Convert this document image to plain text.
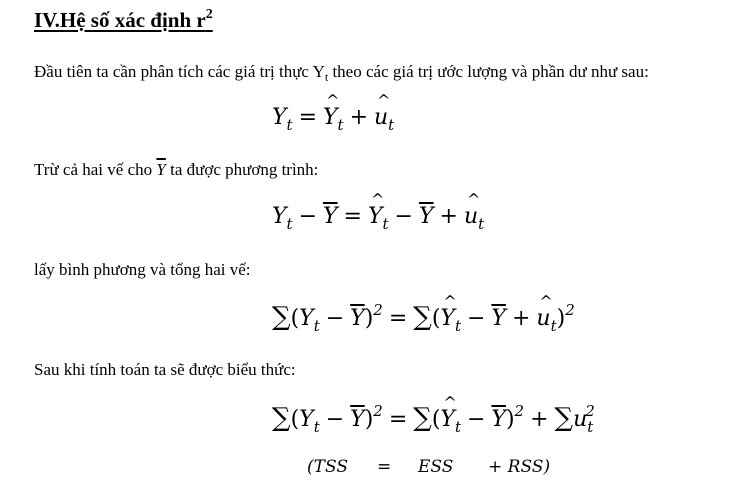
IV.Hệ số xác định $r^2$
Đầu tiên ta cần phân tích các giá trị thực $Y_t$ theo các giá trị ước lượng và phần dư như sau:
$Y_t$ = ^ $Y_t$ + ^ $u_t$
Trừ cả hai vế cho $\overline{Y}$ ta được phương trình:
$Y_t - \overline{Y}$ = ^ $Y_t - \overline{Y}$ + ^ $u_t$
lấy bình phương và tổng hai vế:
$\sum(Y_t - \overline{Y})^2$ = ∑(^ $Y_t - \overline{Y}$ + ^ $u_t)^2$
Sau khi tính toán ta sẽ được biểu thức:
$\sum(Y_t - \overline{Y})^2$ = ∑(^ $Y_t - \overline{Y})^2 + \sum u_t^2$
(TSS = ESS + RSS)
